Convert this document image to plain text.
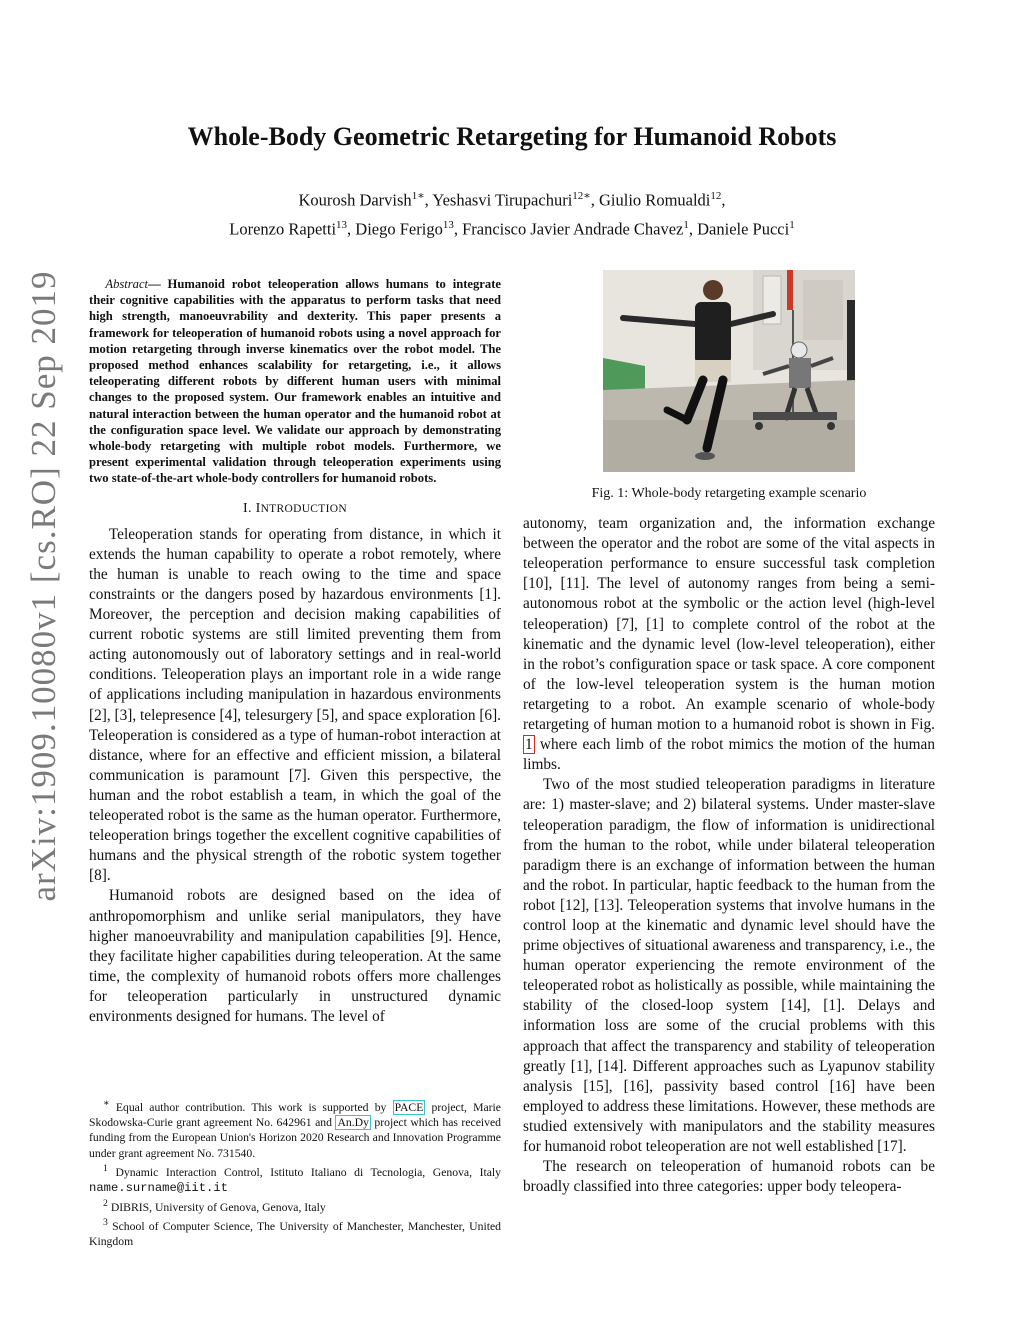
arXiv:1909.10080v1 [cs.RO] 22 Sep 2019
Whole-Body Geometric Retargeting for Humanoid Robots
Kourosh Darvish$^{1∗}$, Yeshasvi Tirupachuri$^{12∗}$, Giulio Romualdi$^{12}$,
Lorenzo Rapetti$^{13}$, Diego Ferigo$^{13}$, Francisco Javier Andrade Chavez$^1$, Daniele Pucci$^1$

Abstract— Humanoid robot teleoperation allows humans to integrate their cognitive capabilities with the apparatus to perform tasks that need high strength, manoeuvrability and dexterity. This paper presents a framework for teleoperation of humanoid robots using a novel approach for motion retargeting through inverse kinematics over the robot model. The proposed method enhances scalability for retargeting, i.e., it allows teleoperating different robots by different human users with minimal changes to the proposed system. Our framework enables an intuitive and natural interaction between the human operator and the humanoid robot at the configuration space level. We validate our approach by demonstrating whole-body retargeting with multiple robot models. Furthermore, we present experimental validation through teleoperation experiments using two state-of-the-art whole-body controllers for humanoid robots.

I. INTRODUCTION

Teleoperation stands for operating from distance, in which it extends the human capability to operate a robot remotely, where the human is unable to reach owing to the time and space constraints or the dangers posed by hazardous environments [1]. Moreover, the perception and decision making capabilities of current robotic systems are still limited preventing them from acting autonomously out of laboratory settings and in real-world conditions. Teleoperation plays an important role in a wide range of applications including manipulation in hazardous environments [2], [3], telepresence [4], telesurgery [5], and space exploration [6]. Teleoperation is considered as a type of human-robot interaction at distance, where for an effective and efficient mission, a bilateral communication is paramount [7]. Given this perspective, the human and the robot establish a team, in which the goal of the teleoperated robot is the same as the human operator. Furthermore, teleoperation brings together the excellent cognitive capabilities of humans and the physical strength of the robotic system together [8].

Humanoid robots are designed based on the idea of anthropomorphism and unlike serial manipulators, they have higher manoeuvrability and manipulation capabilities [9]. Hence, they facilitate higher capabilities during teleoperation. At the same time, the complexity of humanoid robots offers more challenges for teleoperation particularly in unstructured dynamic environments designed for humans. The level of

∗ Equal author contribution. This work is supported by PACE project, Marie Skodowska-Curie grant agreement No. 642961 and An.Dy project which has received funding from the European Union's Horizon 2020 Research and Innovation Programme under grant agreement No. 731540.

$^1$ Dynamic Interaction Control, Istituto Italiano di Tecnologia, Genova, Italy name.surname@iit.it

$^2$ DIBRIS, University of Genova, Genova, Italy

$^3$ School of Computer Science, The University of Manchester, Manchester, United Kingdom

Fig. 1: Whole-body retargeting example scenario

autonomy, team organization and, the information exchange between the operator and the robot are some of the vital aspects in teleoperation performance to ensure successful task completion [10], [11]. The level of autonomy ranges from being a semi-autonomous robot at the symbolic or the action level (high-level teleoperation) [7], [1] to complete control of the robot at the kinematic and the dynamic level (low-level teleoperation), either in the robot’s configuration space or task space. A core component of the low-level teleoperation system is the human motion retargeting to a robot. An example scenario of whole-body retargeting of human motion to a humanoid robot is shown in Fig. 1 where each limb of the robot mimics the motion of the human limbs.

Two of the most studied teleoperation paradigms in literature are: 1) master-slave; and 2) bilateral systems. Under master-slave teleoperation paradigm, the flow of information is unidirectional from the human to the robot, while under bilateral teleoperation paradigm there is an exchange of information between the human and the robot. In particular, haptic feedback to the human from the robot [12], [13]. Teleoperation systems that involve humans in the control loop at the kinematic and dynamic level should have the prime objectives of situational awareness and transparency, i.e., the human operator experiencing the remote environment of the teleoperated robot as holistically as possible, while maintaining the stability of the closed-loop system [14], [1]. Delays and information loss are some of the crucial problems with this approach that affect the transparency and stability of teleoperation greatly [1], [14]. Different approaches such as Lyapunov stability analysis [15], [16], passivity based control [16] have been employed to address these limitations. However, these methods are studied extensively with manipulators and the stability measures for humanoid robot teleoperation are not well established [17].

The research on teleoperation of humanoid robots can be broadly classified into three categories: upper body teleopera-
